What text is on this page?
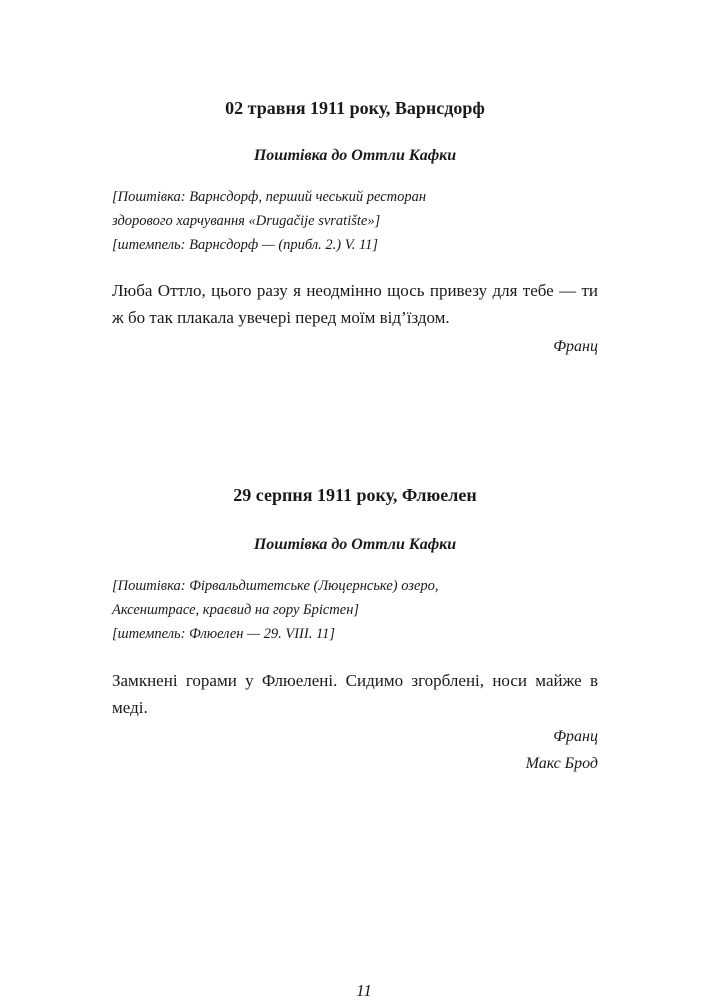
02 травня 1911 року, Варнсдорф
Поштівка до Оттли Кафки

[Поштівка: Варнсдорф, перший чеський ресторан
здорового харчування «Drugačije svratište»]
[штемпель: Варнсдорф — (прибл. 2.) V. 11]

Люба Оттло, цього разу я неодмінно щось привезу для тебе — ти ж бо так плакала увечері перед моїм від’їздом.

Франц

29 серпня 1911 року, Флюелен
Поштівка до Оттли Кафки

[Поштівка: Фірвальдштетське (Люцернське) озеро,
Аксенштрасе, краєвид на гору Брістен]
[штемпель: Флюелен — 29. VIII. 11]

Замкнені горами у Флюелені. Сидимо згорблені, носи майже в меді.

Франц
Макс Брод

11
